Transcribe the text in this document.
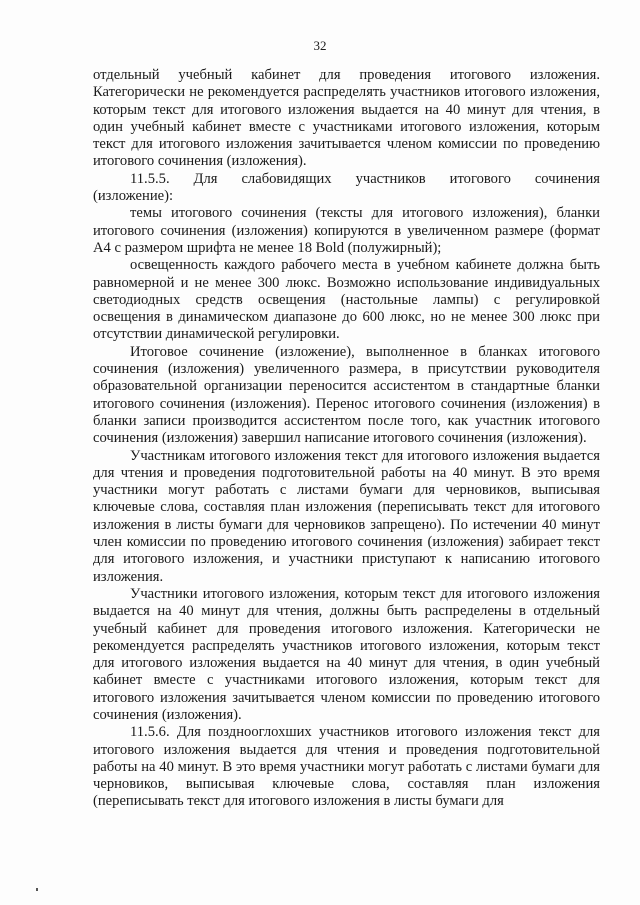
32

отдельный учебный кабинет для проведения итогового изложения. Категорически не рекомендуется распределять участников итогового изложения, которым текст для итогового изложения выдается на 40 минут для чтения, в один учебный кабинет вместе с участниками итогового изложения, которым текст для итогового изложения зачитывается членом комиссии по проведению итогового сочинения (изложения).

11.5.5. Для слабовидящих участников итогового сочинения

(изложение):

темы итогового сочинения (тексты для итогового изложения), бланки итогового сочинения (изложения) копируются в увеличенном размере (формат А4 с размером шрифта не менее 18 Bold (полужирный);

освещенность каждого рабочего места в учебном кабинете должна быть равномерной и не менее 300 люкс. Возможно использование индивидуальных светодиодных средств освещения (настольные лампы) с регулировкой освещения в динамическом диапазоне до 600 люкс, но не менее 300 люкс при отсутствии динамической регулировки.

Итоговое сочинение (изложение), выполненное в бланках итогового сочинения (изложения) увеличенного размера, в присутствии руководителя образовательной организации переносится ассистентом в стандартные бланки итогового сочинения (изложения). Перенос итогового сочинения (изложения) в бланки записи производится ассистентом после того, как участник итогового сочинения (изложения) завершил написание итогового сочинения (изложения).

Участникам итогового изложения текст для итогового изложения выдается для чтения и проведения подготовительной работы на 40 минут. В это время участники могут работать с листами бумаги для черновиков, выписывая ключевые слова, составляя план изложения (переписывать текст для итогового изложения в листы бумаги для черновиков запрещено). По истечении 40 минут член комиссии по проведению итогового сочинения (изложения) забирает текст для итогового изложения, и участники приступают к написанию итогового изложения.

Участники итогового изложения, которым текст для итогового изложения выдается на 40 минут для чтения, должны быть распределены в отдельный учебный кабинет для проведения итогового изложения. Категорически не рекомендуется распределять участников итогового изложения, которым текст для итогового изложения выдается на 40 минут для чтения, в один учебный кабинет вместе с участниками итогового изложения, которым текст для итогового изложения зачитывается членом комиссии по проведению итогового сочинения (изложения).

11.5.6. Для позднооглохших участников итогового изложения текст для итогового изложения выдается для чтения и проведения подготовительной работы на 40 минут. В это время участники могут работать с листами бумаги для черновиков, выписывая ключевые слова, составляя план изложения (переписывать текст для итогового изложения в листы бумаги для
